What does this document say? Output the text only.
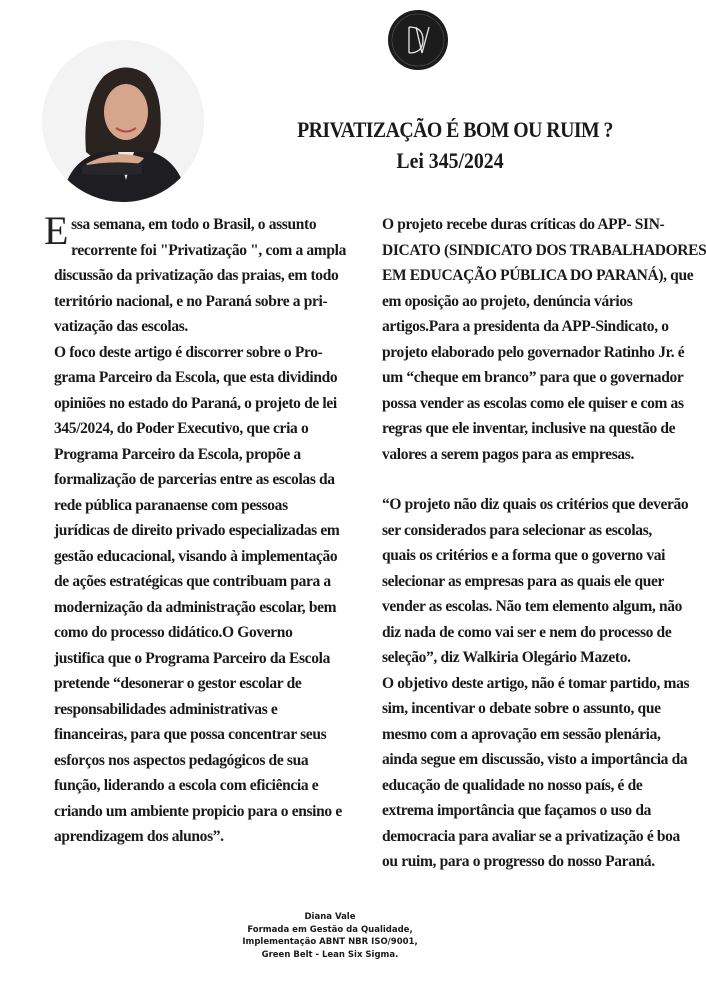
PRIVATIZAÇÃO É BOM OU RUIM ?
Lei 345/2024
E ssa semana, em todo o Brasil, o assunto
recorrente foi "Privatização ", com a ampla
discussão da privatização das praias, em todo
território nacional, e no Paraná sobre a pri-
vatização das escolas.
O foco deste artigo é discorrer sobre o Pro-
grama Parceiro da Escola, que esta dividindo
opiniões no estado do Paraná, o projeto de lei
345/2024, do Poder Executivo, que cria o
Programa Parceiro da Escola, propõe a
formalização de parcerias entre as escolas da
rede pública paranaense com pessoas
jurídicas de direito privado especializadas em
gestão educacional, visando à implementação
de ações estratégicas que contribuam para a
modernização da administração escolar, bem
como do processo didático.O Governo
justifica que o Programa Parceiro da Escola
pretende “desonerar o gestor escolar de
responsabilidades administrativas e
financeiras, para que possa concentrar seus
esforços nos aspectos pedagógicos de sua
função, liderando a escola com eficiência e
criando um ambiente propicio para o ensino e
aprendizagem dos alunos”.
O projeto recebe duras críticas do APP- SIN-
DICATO (SINDICATO DOS TRABALHADORES
EM EDUCAÇÃO PÚBLICA DO PARANÁ), que
em oposição ao projeto, denúncia vários
artigos.Para a presidenta da APP-Sindicato, o
projeto elaborado pelo governador Ratinho Jr. é
um “cheque em branco” para que o governador
possa vender as escolas como ele quiser e com as
regras que ele inventar, inclusive na questão de
valores a serem pagos para as empresas.
“O projeto não diz quais os critérios que deverão
ser considerados para selecionar as escolas,
quais os critérios e a forma que o governo vai
selecionar as empresas para as quais ele quer
vender as escolas. Não tem elemento algum, não
diz nada de como vai ser e nem do processo de
seleção”, diz Walkiria Olegário Mazeto.
O objetivo deste artigo, não é tomar partido, mas
sim, incentivar o debate sobre o assunto, que
mesmo com a aprovação em sessão plenária,
ainda segue em discussão, visto a importância da
educação de qualidade no nosso país, é de
extrema importância que façamos o uso da
democracia para avaliar se a privatização é boa
ou ruim, para o progresso do nosso Paraná.
Diana Vale
Formada em Gestão da Qualidade,
Implementação ABNT NBR ISO/9001,
Green Belt - Lean Six Sigma.
